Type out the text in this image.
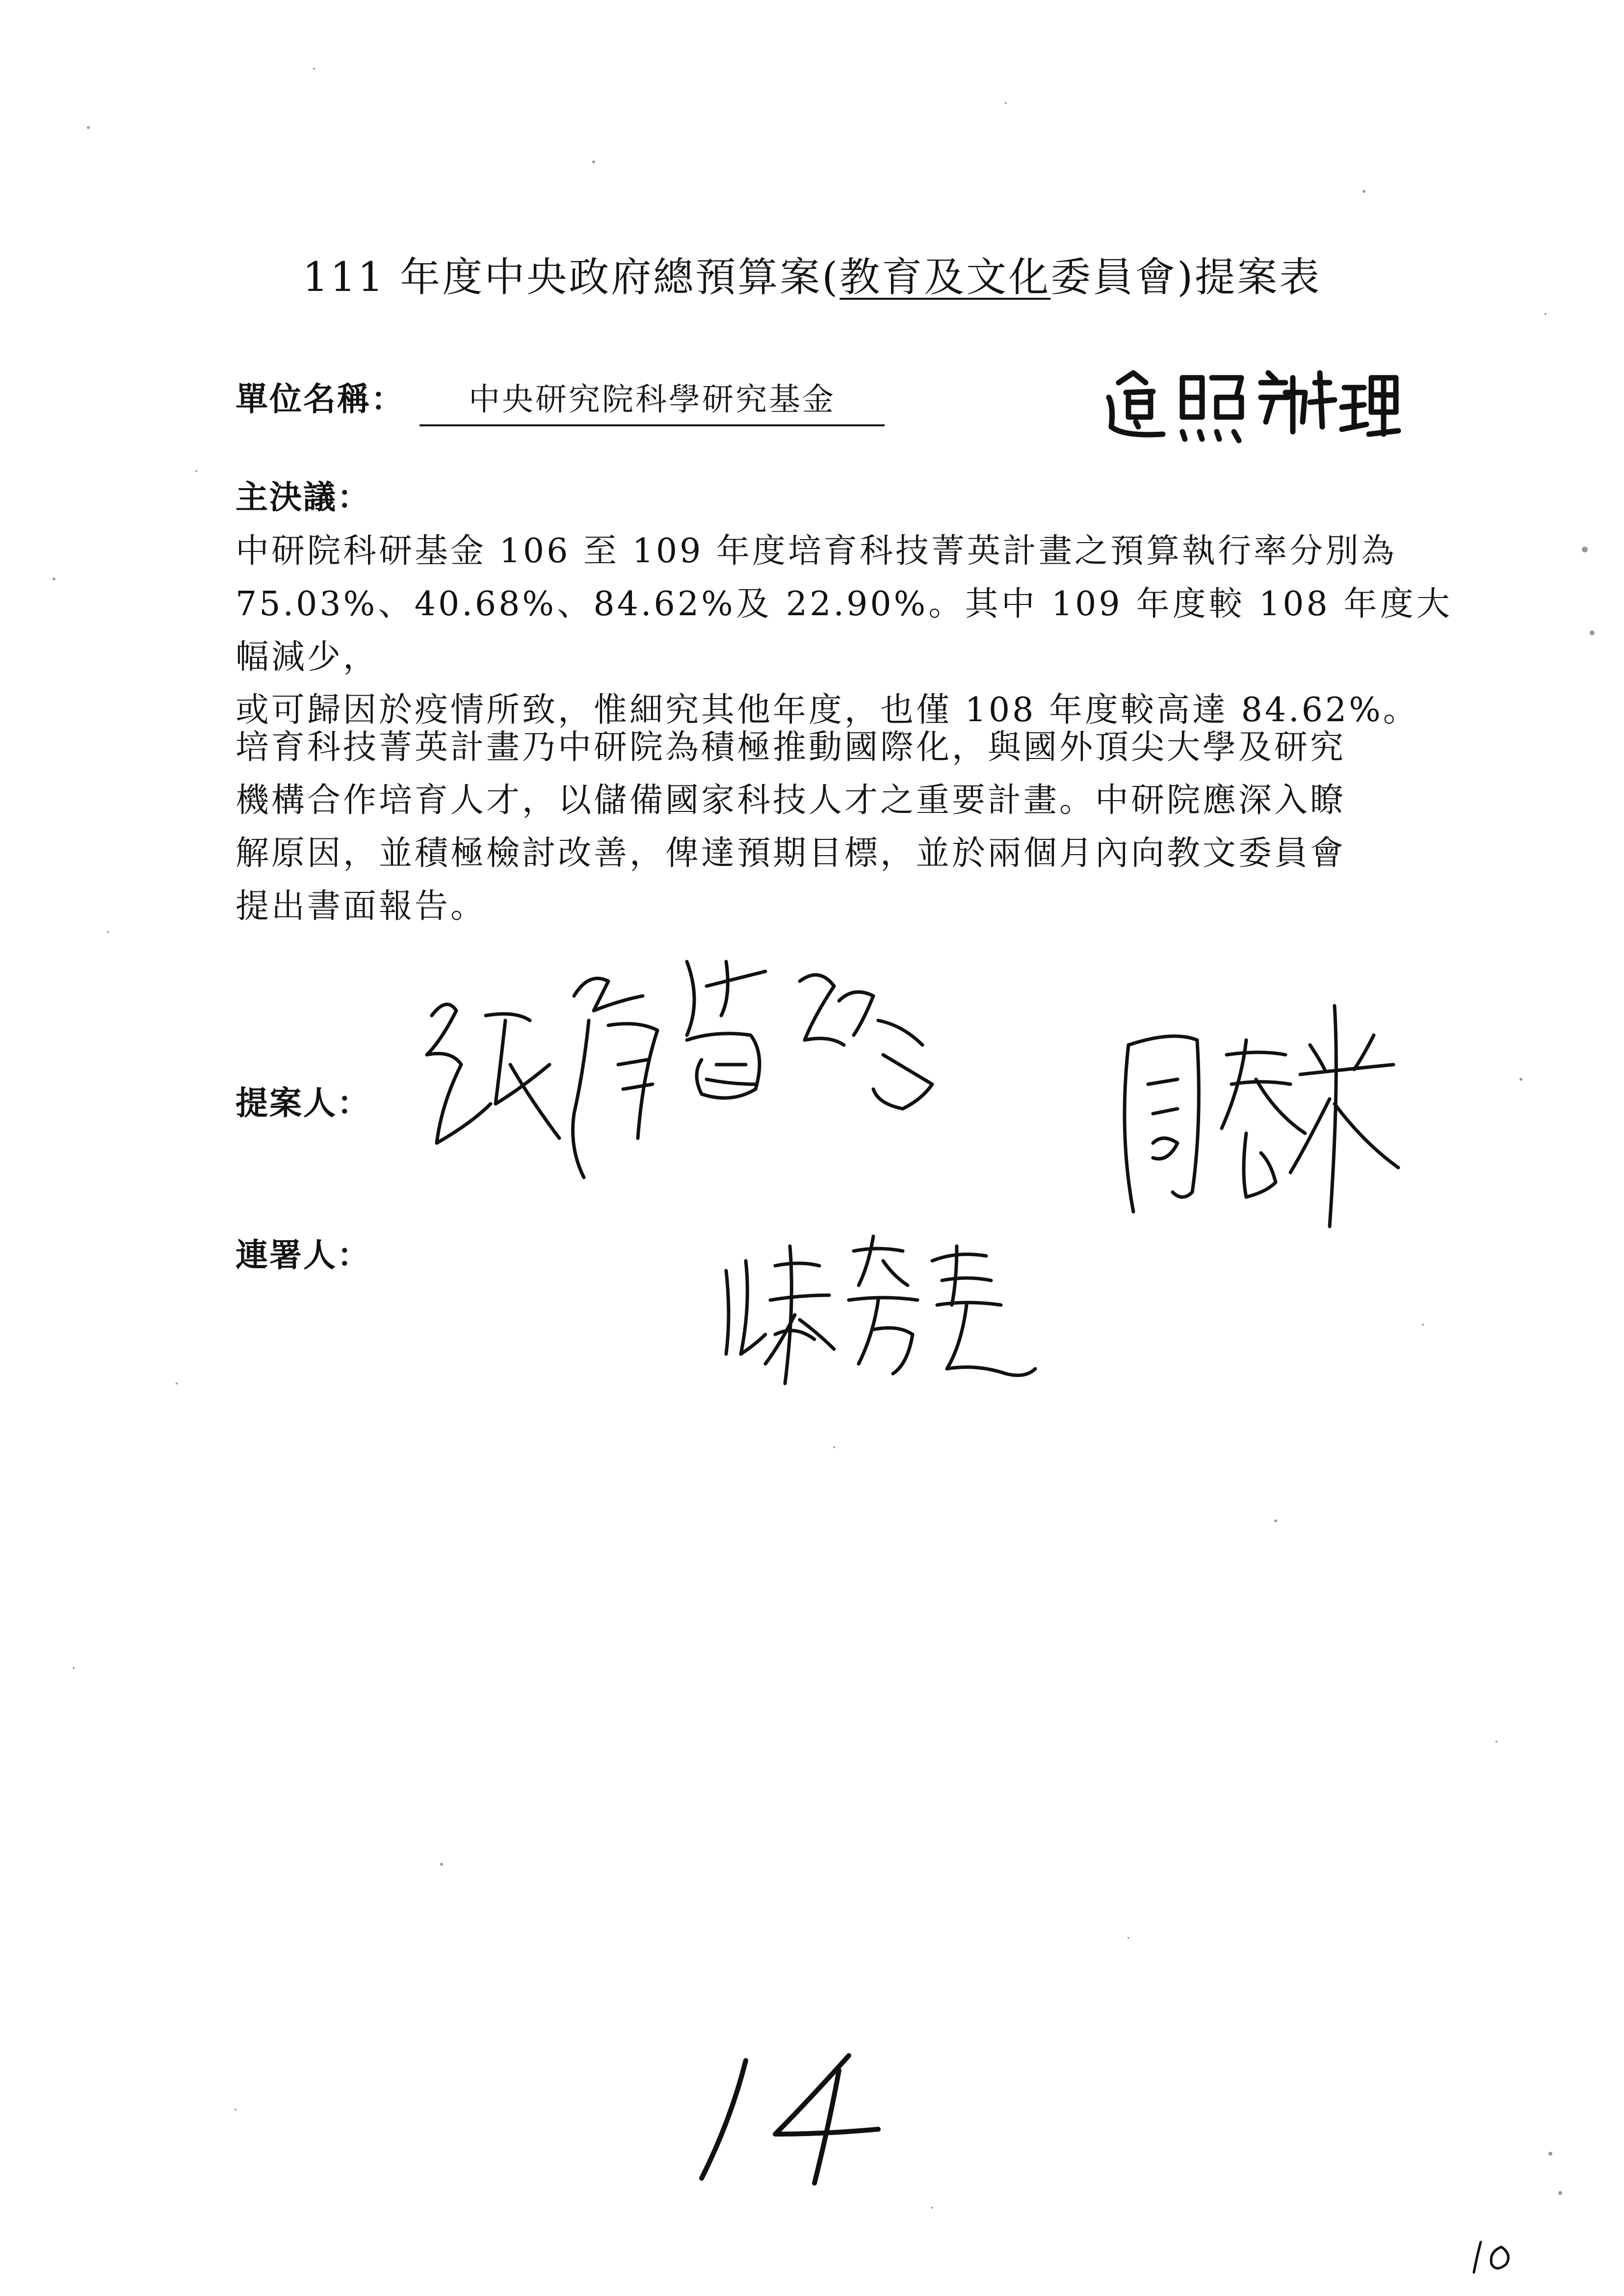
111 年度中央政府總預算案(教育及文化委員會)提案表
單位名稱： 中央研究院科學研究基金
主決議：
中研院科研基金 106 至 109 年度培育科技菁英計畫之預算執行率分別為
75.03%、40.68%、84.62%及 22.90%。其中 109 年度較 108 年度大幅減少，
或可歸因於疫情所致，惟細究其他年度，也僅 108 年度較高達 84.62%。
培育科技菁英計畫乃中研院為積極推動國際化，與國外頂尖大學及研究
機構合作培育人才，以儲備國家科技人才之重要計畫。中研院應深入瞭
解原因，並積極檢討改善，俾達預期目標，並於兩個月內向教文委員會
提出書面報告。
提案人：
連署人：
